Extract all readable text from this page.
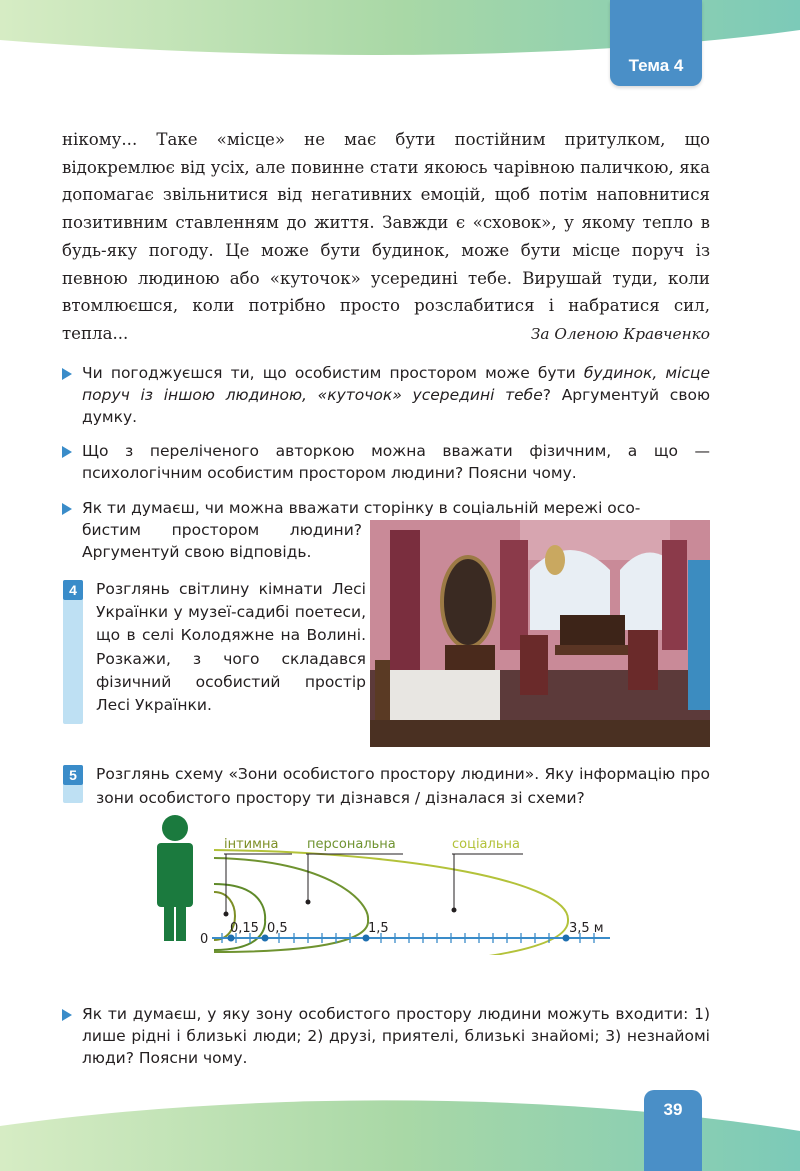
Тема 4

нікому... Таке «місце» не має бути постійним притулком, що відокремлює від усіх, але повинне стати якоюсь чарівною паличкою, яка допомагає звільнитися від негативних емоцій, щоб потім наповнитися позитивним ставленням до життя. Завжди є «сховок», у якому тепло в будь-яку погоду. Це може бути будинок, може бути місце поруч із певною людиною або «куточок» усередині тебе. Вирушай туди, коли втомлюєшся, коли потрібно просто розслабитися і набратися сил, тепла...	За Оленою Кравченко

Чи погоджуєшся ти, що особистим простором може бути будинок, місце поруч із іншою людиною, «куточок» усередині тебе? Аргументуй свою думку.

Що з переліченого авторкою можна вважати фізичним, а що — психологічним особистим простором людини? Поясни чому.

Як ти думаєш, чи можна вважати сторінку в соціальній мережі осо-

бистим простором людини? Аргументуй свою відповідь.
4	Розглянь світлину кімнати Лесі Українки у музеї-садибі поетеси, що в селі Колодяжне на Волині. Розкажи, з чого складався фізичний особистий простір Лесі Українки.
5	Розглянь схему «Зони особистого простору людини». Яку інформацію про зони особистого простору ти дізнався / дізналася зі схеми?
0
0,15 0,5	1,5	3,5 м
інтимна персональна	соціальна

Як ти думаєш, у яку зону особистого простору людини можуть входити: 1) лише рідні і близькі люди; 2) друзі, приятелі, близькі знайомі; 3) незнайомі люди? Поясни чому.

39
